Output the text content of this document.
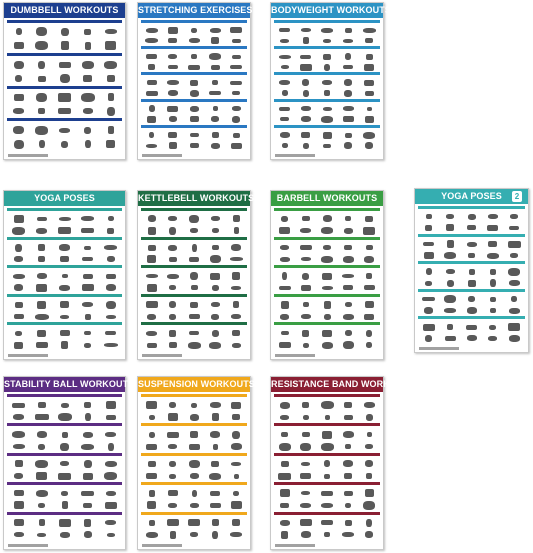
DUMBBELL WORKOUTS	STRETCHING EXERCISES BODYWEIGHT WORKOUTS
YOGA POSES	KETTLEBELL WORKOUTS	BARBELL WORKOUTS	YOGA POSES	2
STABILITY BALL WORKOUTS SUSPENSION WORKOUTS RESISTANCE BAND WORKOUTS
